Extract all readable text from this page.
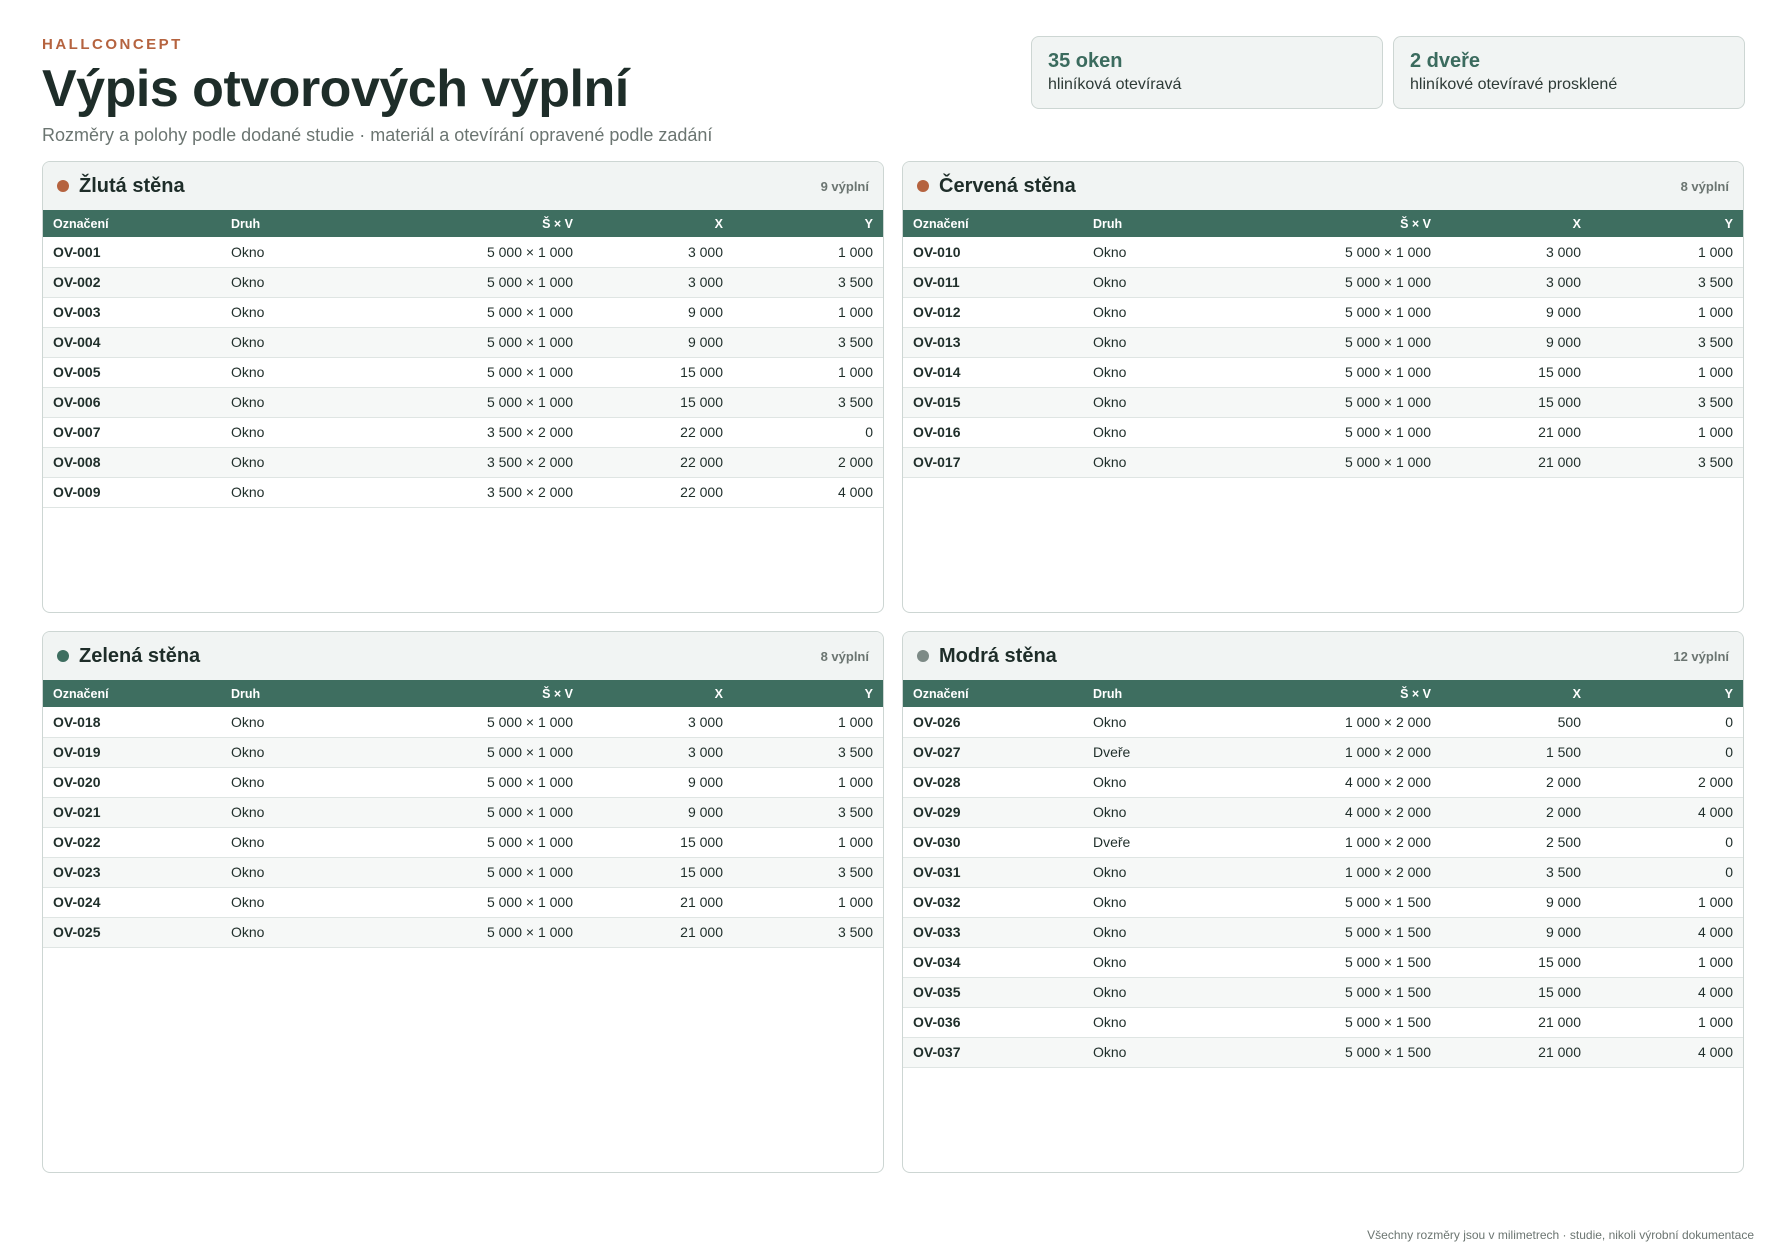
HALLCONCEPT
Výpis otvorových výplní
Rozměry a polohy podle dodané studie · materiál a otevírání opravené podle zadání
35 oken
hliníková otevíravá
2 dveře
hliníkové otevíravé prosklené
Žlutá stěna	9 výplní
Označení	Druh	Š × V	X	Y
OV-001	Okno	5 000 × 1 000	3 000	1 000
OV-002	Okno	5 000 × 1 000	3 000	3 500
OV-003	Okno	5 000 × 1 000	9 000	1 000
OV-004	Okno	5 000 × 1 000	9 000	3 500
OV-005	Okno	5 000 × 1 000	15 000	1 000
OV-006	Okno	5 000 × 1 000	15 000	3 500
OV-007	Okno	3 500 × 2 000	22 000	0
OV-008	Okno	3 500 × 2 000	22 000	2 000
OV-009	Okno	3 500 × 2 000	22 000	4 000
Červená stěna	8 výplní
Označení	Druh	Š × V	X	Y
OV-010	Okno	5 000 × 1 000	3 000	1 000
OV-011	Okno	5 000 × 1 000	3 000	3 500
OV-012	Okno	5 000 × 1 000	9 000	1 000
OV-013	Okno	5 000 × 1 000	9 000	3 500
OV-014	Okno	5 000 × 1 000	15 000	1 000
OV-015	Okno	5 000 × 1 000	15 000	3 500
OV-016	Okno	5 000 × 1 000	21 000	1 000
OV-017	Okno	5 000 × 1 000	21 000	3 500
Zelená stěna	8 výplní
Označení	Druh	Š × V	X	Y
OV-018	Okno	5 000 × 1 000	3 000	1 000
OV-019	Okno	5 000 × 1 000	3 000	3 500
OV-020	Okno	5 000 × 1 000	9 000	1 000
OV-021	Okno	5 000 × 1 000	9 000	3 500
OV-022	Okno	5 000 × 1 000	15 000	1 000
OV-023	Okno	5 000 × 1 000	15 000	3 500
OV-024	Okno	5 000 × 1 000	21 000	1 000
OV-025	Okno	5 000 × 1 000	21 000	3 500
Modrá stěna	12 výplní
Označení	Druh	Š × V	X	Y
OV-026	Okno	1 000 × 2 000	500	0
OV-027	Dveře	1 000 × 2 000	1 500	0
OV-028	Okno	4 000 × 2 000	2 000	2 000
OV-029	Okno	4 000 × 2 000	2 000	4 000
OV-030	Dveře	1 000 × 2 000	2 500	0
OV-031	Okno	1 000 × 2 000	3 500	0
OV-032	Okno	5 000 × 1 500	9 000	1 000
OV-033	Okno	5 000 × 1 500	9 000	4 000
OV-034	Okno	5 000 × 1 500	15 000	1 000
OV-035	Okno	5 000 × 1 500	15 000	4 000
OV-036	Okno	5 000 × 1 500	21 000	1 000
OV-037	Okno	5 000 × 1 500	21 000	4 000
Všechny rozměry jsou v milimetrech · studie, nikoli výrobní dokumentace
